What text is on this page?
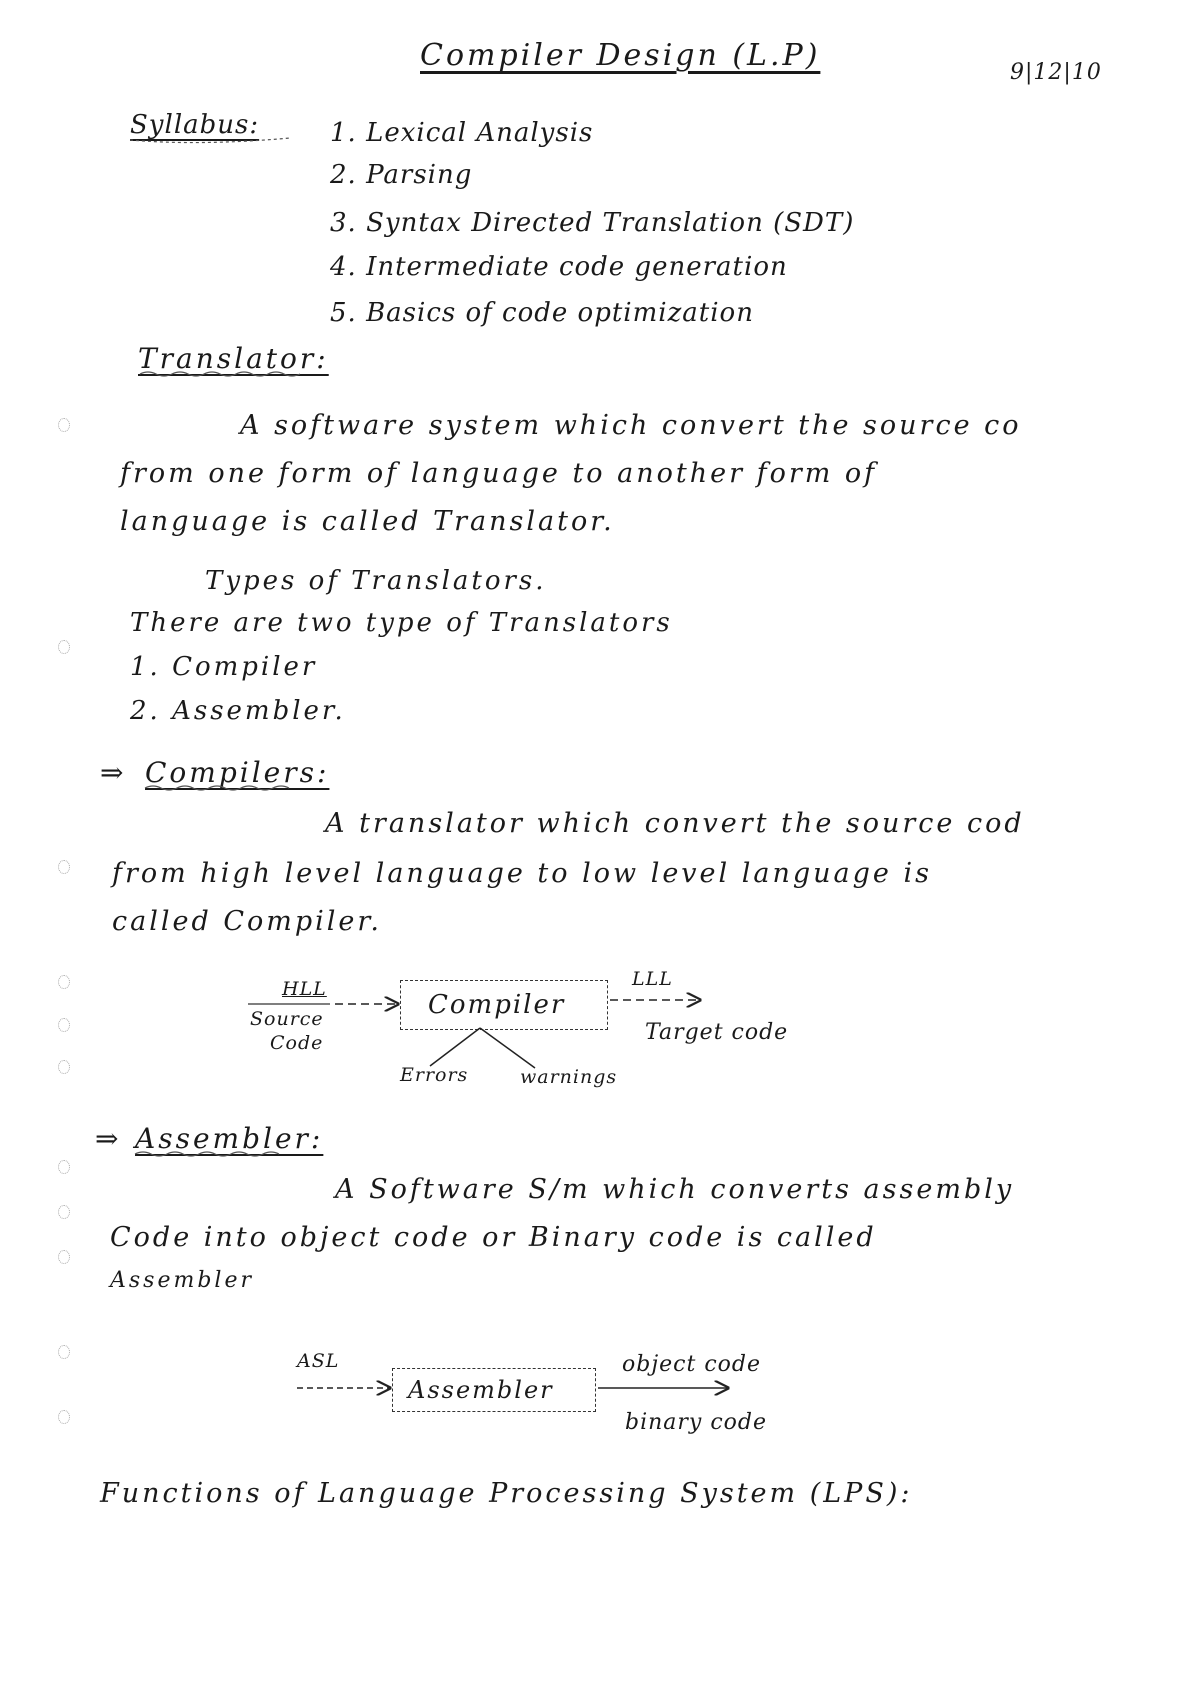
Compiler Design (L.P)	9|12|10
Syllabus:	1. Lexical Analysis
2. Parsing
3. Syntax Directed Translation (SDT)
4. Intermediate code generation
5. Basics of code optimization
Translator:
A software system which convert the source co
from one form of language to another form of
language is called Translator.
Types of Translators.
There are two type of Translators
1. Compiler
2. Assembler.
⇒ Compilers:
A translator which convert the source cod
from high level language to low level language is
called Compiler.
HLL
Source
Code
Compiler
LLL
Target code
Errors	warnings
⇒ Assembler:
A Software S/m which converts assembly
Code into object code or Binary code is called
Assembler
ASL
Assembler
object code
binary code
Functions of Language Processing System (LPS):
